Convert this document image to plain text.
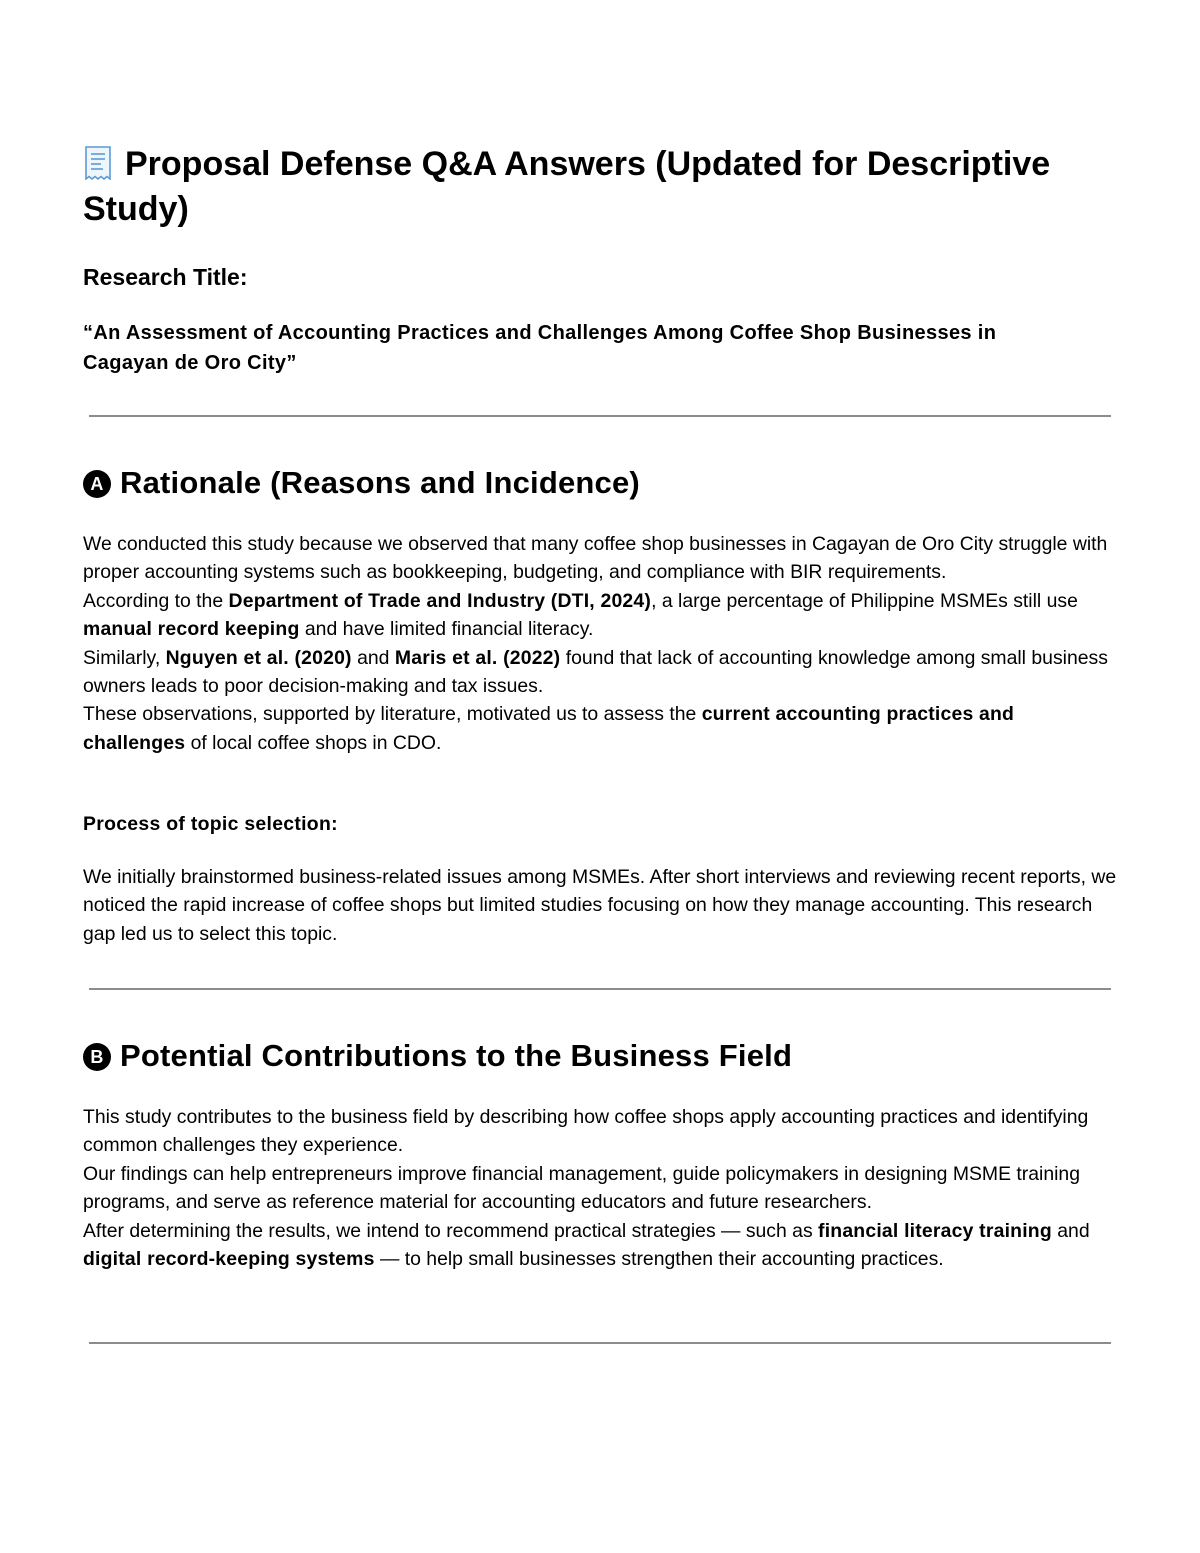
Proposal Defense Q&A Answers (Updated for Descriptive Study)

Research Title:

“An Assessment of Accounting Practices and Challenges Among Coffee Shop Businesses in Cagayan de Oro City”

A Rationale (Reasons and Incidence)
We conducted this study because we observed that many coffee shop businesses in Cagayan de Oro City struggle with proper accounting systems such as bookkeeping, budgeting, and compliance with BIR requirements.
According to the Department of Trade and Industry (DTI, 2024), a large percentage of Philippine MSMEs still use manual record keeping and have limited financial literacy.
Similarly, Nguyen et al. (2020) and Maris et al. (2022) found that lack of accounting knowledge among small business owners leads to poor decision-making and tax issues.
These observations, supported by literature, motivated us to assess the current accounting practices and challenges of local coffee shops in CDO.

Process of topic selection:

We initially brainstormed business-related issues among MSMEs. After short interviews and reviewing recent reports, we noticed the rapid increase of coffee shops but limited studies focusing on how they manage accounting. This research gap led us to select this topic.

B Potential Contributions to the Business Field
This study contributes to the business field by describing how coffee shops apply accounting practices and identifying common challenges they experience.
Our findings can help entrepreneurs improve financial management, guide policymakers in designing MSME training programs, and serve as reference material for accounting educators and future researchers.
After determining the results, we intend to recommend practical strategies — such as financial literacy training and digital record-keeping systems — to help small businesses strengthen their accounting practices.
